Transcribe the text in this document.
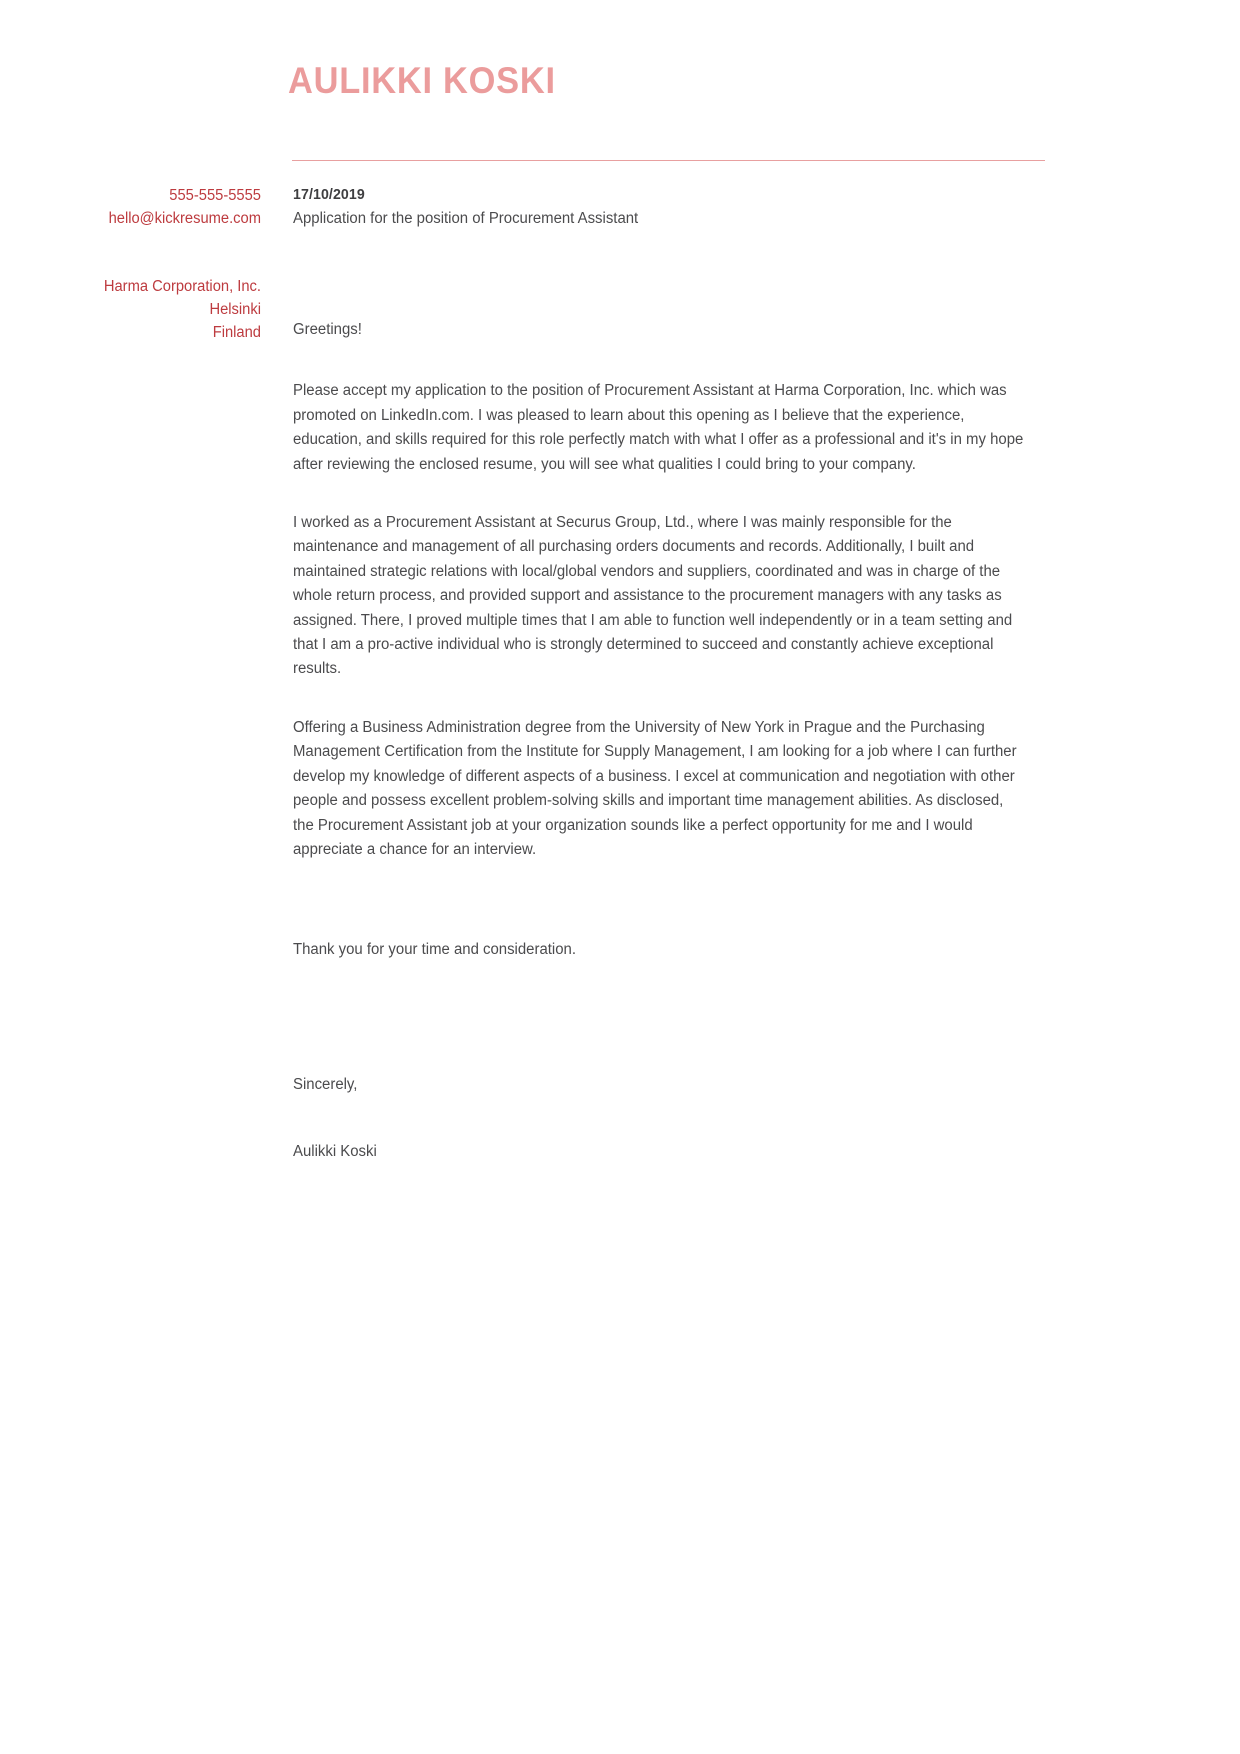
AULIKKI KOSKI
555-555-5555
hello@kickresume.com
Harma Corporation, Inc.
Helsinki
Finland
17/10/2019
Application for the position of Procurement Assistant
Greetings!

Please accept my application to the position of Procurement Assistant at Harma Corporation, Inc. which was promoted on LinkedIn.com. I was pleased to learn about this opening as I believe that the experience, education, and skills required for this role perfectly match with what I offer as a professional and it's in my hope after reviewing the enclosed resume, you will see what qualities I could bring to your company.

I worked as a Procurement Assistant at Securus Group, Ltd., where I was mainly responsible for the maintenance and management of all purchasing orders documents and records. Additionally, I built and maintained strategic relations with local/global vendors and suppliers, coordinated and was in charge of the whole return process, and provided support and assistance to the procurement managers with any tasks as assigned. There, I proved multiple times that I am able to function well independently or in a team setting and that I am a pro-active individual who is strongly determined to succeed and constantly achieve exceptional results.

Offering a Business Administration degree from the University of New York in Prague and the Purchasing Management Certification from the Institute for Supply Management, I am looking for a job where I can further develop my knowledge of different aspects of a business. I excel at communication and negotiation with other people and possess excellent problem-solving skills and important time management abilities. As disclosed, the Procurement Assistant job at your organization sounds like a perfect opportunity for me and I would appreciate a chance for an interview.

Thank you for your time and consideration.
Sincerely,
Aulikki Koski
